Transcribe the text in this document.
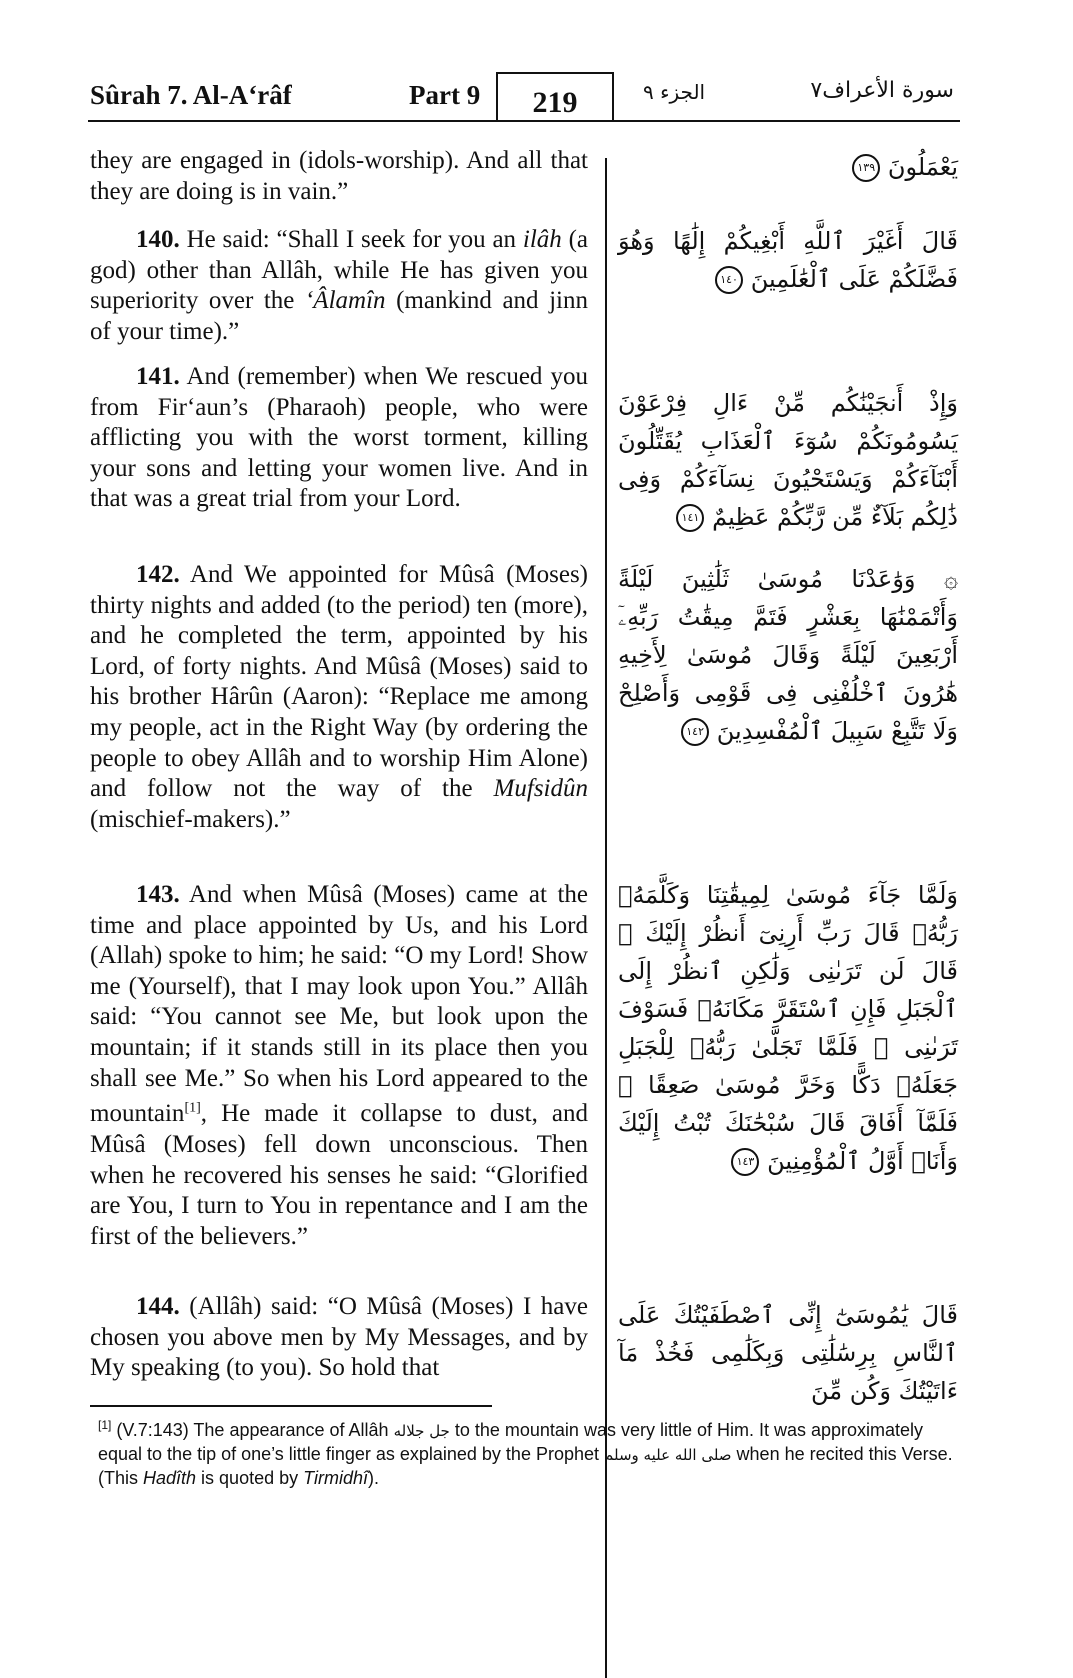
Sûrah 7. Al-A‘râf	Part 9	219	الجزء ٩	سورة الأعراف٧

they are engaged in (idols-worship). And all that they are doing is in vain.”

140. He said: “Shall I seek for you an ilâh (a god) other than Allâh, while He has given you superiority over the ‘Âlamîn (mankind and jinn of your time).”

141. And (remember) when We rescued you from Fir‘aun’s (Pharaoh) people, who were afflicting you with the worst torment, killing your sons and letting your women live. And in that was a great trial from your Lord.

142. And We appointed for Mûsâ (Moses) thirty nights and added (to the period) ten (more), and he completed the term, appointed by his Lord, of forty nights. And Mûsâ (Moses) said to his brother Hârûn (Aaron): “Replace me among my people, act in the Right Way (by ordering the people to obey Allâh and to worship Him Alone) and follow not the way of the Mufsidûn (mischief-makers).”

143. And when Mûsâ (Moses) came at the time and place appointed by Us, and his Lord (Allah) spoke to him; he said: “O my Lord! Show me (Yourself), that I may look upon You.” Allâh said: “You cannot see Me, but look upon the mountain; if it stands still in its place then you shall see Me.” So when his Lord appeared to the mountain[1], He made it collapse to dust, and Mûsâ (Moses) fell down unconscious. Then when he recovered his senses he said: “Glorified are You, I turn to You in repentance and I am the first of the believers.”

144. (Allâh) said: “O Mûsâ (Moses) I have chosen you above men by My Messages, and by My speaking (to you). So hold that

يَعْمَلُونَ ١٣٩

قَالَ أَغَيْرَ ٱللَّهِ أَبْغِيكُمْ إِلَٰهًا وَهُوَ فَضَّلَكُمْ عَلَى ٱلْعَٰلَمِينَ ١٤٠

وَإِذْ أَنجَيْنَٰكُم مِّنْ ءَالِ فِرْعَوْنَ يَسُومُونَكُمْ سُوٓءَ ٱلْعَذَابِ يُقَتِّلُونَ أَبْنَآءَكُمْ وَيَسْتَحْيُونَ نِسَآءَكُمْ وَفِى ذَٰلِكُم بَلَآءٌ مِّن رَّبِّكُمْ عَظِيمٌ ١٤١

۞ وَوَٰعَدْنَا مُوسَىٰ ثَلَٰثِينَ لَيْلَةً وَأَتْمَمْنَٰهَا بِعَشْرٍ فَتَمَّ مِيقَٰتُ رَبِّهِۦٓ أَرْبَعِينَ لَيْلَةً وَقَالَ مُوسَىٰ لِأَخِيهِ هَٰرُونَ ٱخْلُفْنِى فِى قَوْمِى وَأَصْلِحْ وَلَا تَتَّبِعْ سَبِيلَ ٱلْمُفْسِدِينَ ١٤٢

وَلَمَّا جَآءَ مُوسَىٰ لِمِيقَٰتِنَا وَكَلَّمَهُۥ رَبُّهُۥ قَالَ رَبِّ أَرِنِىٓ أَنظُرْ إِلَيْكَ ۚ قَالَ لَن تَرَىٰنِى وَلَٰكِنِ ٱنظُرْ إِلَى ٱلْجَبَلِ فَإِنِ ٱسْتَقَرَّ مَكَانَهُۥ فَسَوْفَ تَرَىٰنِى ۚ فَلَمَّا تَجَلَّىٰ رَبُّهُۥ لِلْجَبَلِ جَعَلَهُۥ دَكًّا وَخَرَّ مُوسَىٰ صَعِقًا ۚ فَلَمَّآ أَفَاقَ قَالَ سُبْحَٰنَكَ تُبْتُ إِلَيْكَ وَأَنَا۠ أَوَّلُ ٱلْمُؤْمِنِينَ ١٤٣

قَالَ يَٰمُوسَىٰٓ إِنِّى ٱصْطَفَيْتُكَ عَلَى ٱلنَّاسِ بِرِسَٰلَٰتِى وَبِكَلَٰمِى فَخُذْ مَآ ءَاتَيْتُكَ وَكُن مِّنَ

[1] (V.7:143) The appearance of Allâh جل جلاله to the mountain was very little of Him. It was approximately equal to the tip of one’s little finger as explained by the Prophet صلى الله عليه وسلم when he recited this Verse. (This Hadîth is quoted by Tirmidhî).
